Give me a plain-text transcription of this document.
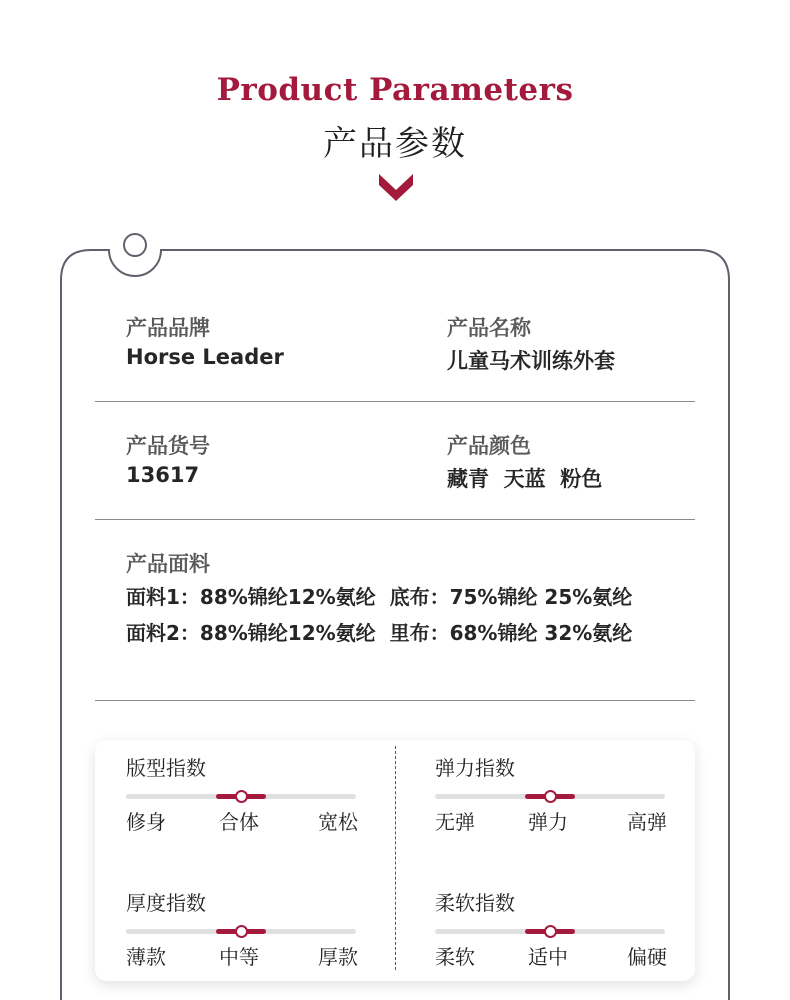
Product Parameters
产品参数
产品品牌
Horse Leader
产品名称
儿童马术训练外套
产品货号
13617
产品颜色
藏青  天蓝  粉色
产品面料
面料1：88%锦纶12%氨纶  底布：75%锦纶 25%氨纶
面料2：88%锦纶12%氨纶  里布：68%锦纶 32%氨纶
版型指数
修身	合体	宽松
弹力指数
无弹	弹力	高弹
厚度指数
薄款	中等	厚款
柔软指数
柔软	适中	偏硬
